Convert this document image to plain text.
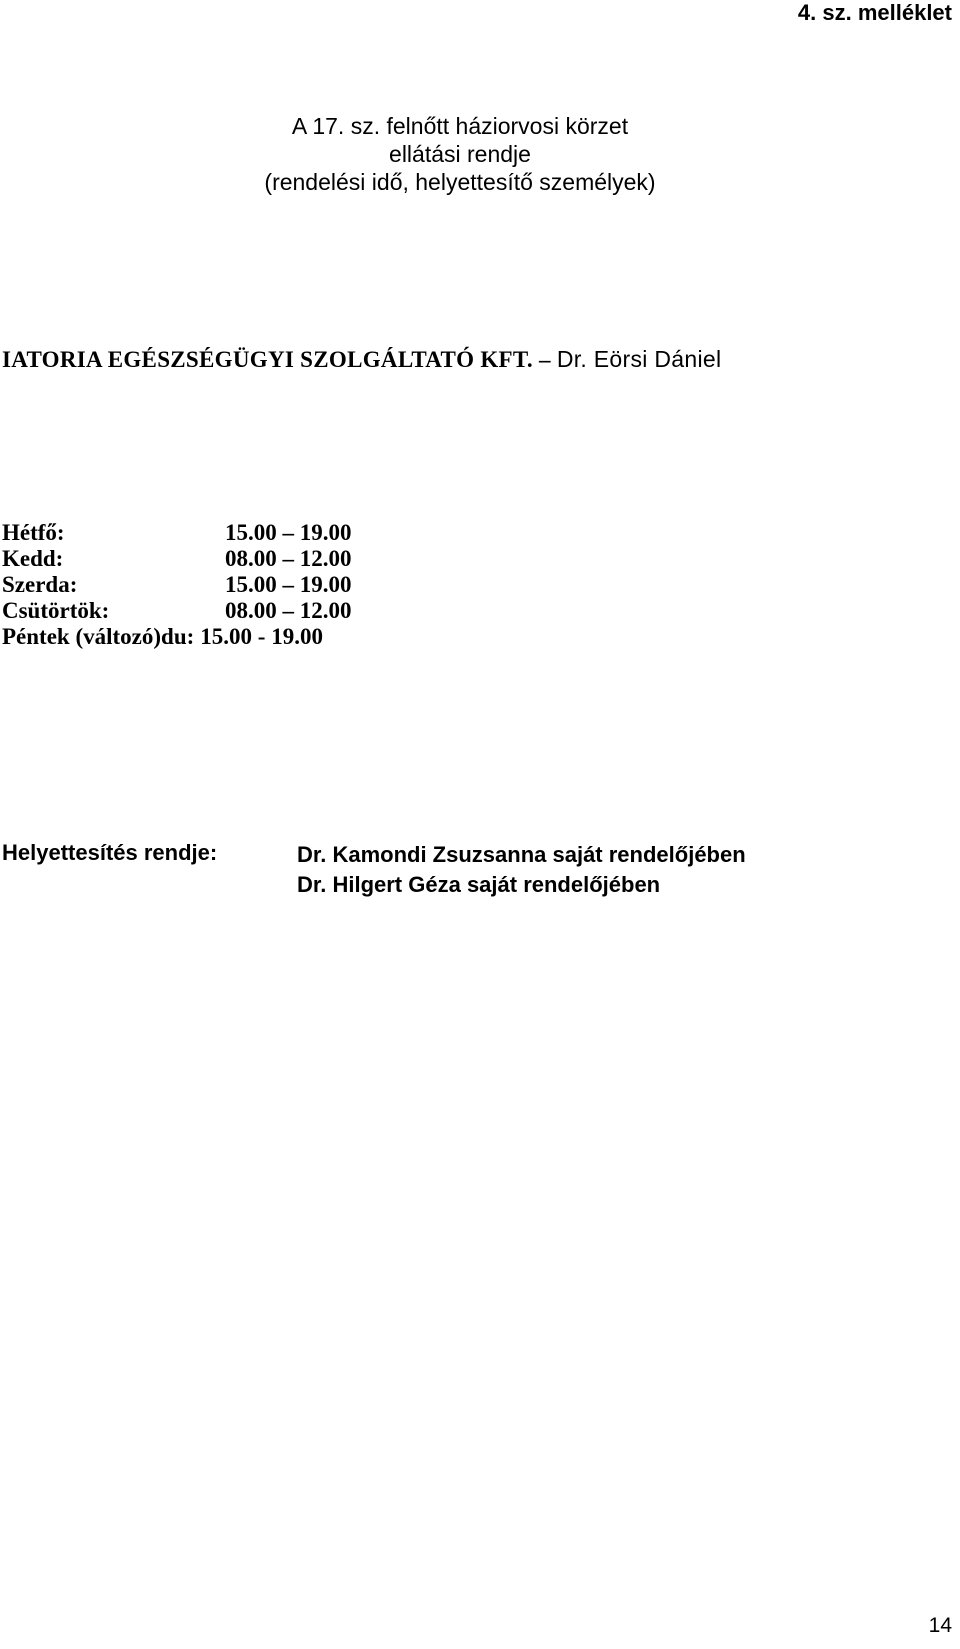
4. sz. melléklet
A 17. sz. felnőtt háziorvosi körzet
ellátási rendje
(rendelési idő, helyettesítő személyek)
IATORIA EGÉSZSÉGÜGYI SZOLGÁLTATÓ KFT. – Dr. Eörsi Dániel
Hétfő:	15.00 – 19.00
Kedd:	08.00 – 12.00
Szerda:	15.00 – 19.00
Csütörtök:	08.00 – 12.00
Péntek (változó)du: 15.00 - 19.00
Helyettesítés rendje:	Dr. Kamondi Zsuzsanna saját rendelőjében
Dr. Hilgert Géza saját rendelőjében
14
